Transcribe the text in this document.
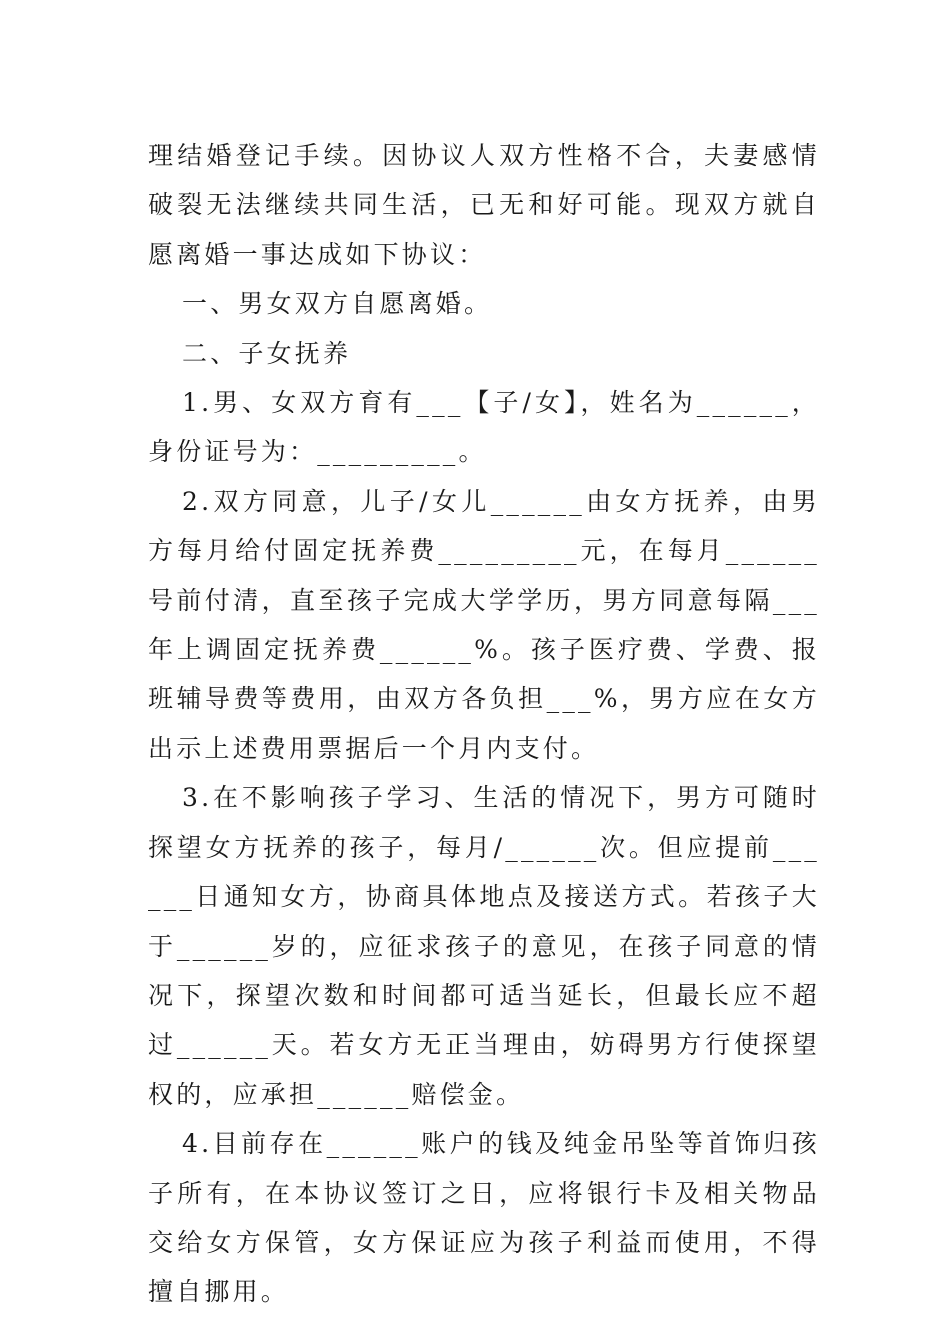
理结婚登记手续。因协议人双方性格不合，夫妻感情破裂无法继续共同生活，已无和好可能。现双方就自愿离婚一事达成如下协议：

一、男女双方自愿离婚。

二、子女抚养

1.男、女双方育有___【子/女】，姓名为______，身份证号为：_________。

2.双方同意，儿子/女儿______由女方抚养，由男方每月给付固定抚养费_________元，在每月______号前付清，直至孩子完成大学学历，男方同意每隔___年上调固定抚养费______%。孩子医疗费、学费、报班辅导费等费用，由双方各负担___%，男方应在女方出示上述费用票据后一个月内支付。

3.在不影响孩子学习、生活的情况下，男方可随时探望女方抚养的孩子，每月/______次。但应提前______日通知女方，协商具体地点及接送方式。若孩子大于______岁的，应征求孩子的意见，在孩子同意的情况下，探望次数和时间都可适当延长，但最长应不超过______天。若女方无正当理由，妨碍男方行使探望权的，应承担______赔偿金。

4.目前存在______账户的钱及纯金吊坠等首饰归孩子所有，在本协议签订之日，应将银行卡及相关物品交给女方保管，女方保证应为孩子利益而使用，不得擅自挪用。
